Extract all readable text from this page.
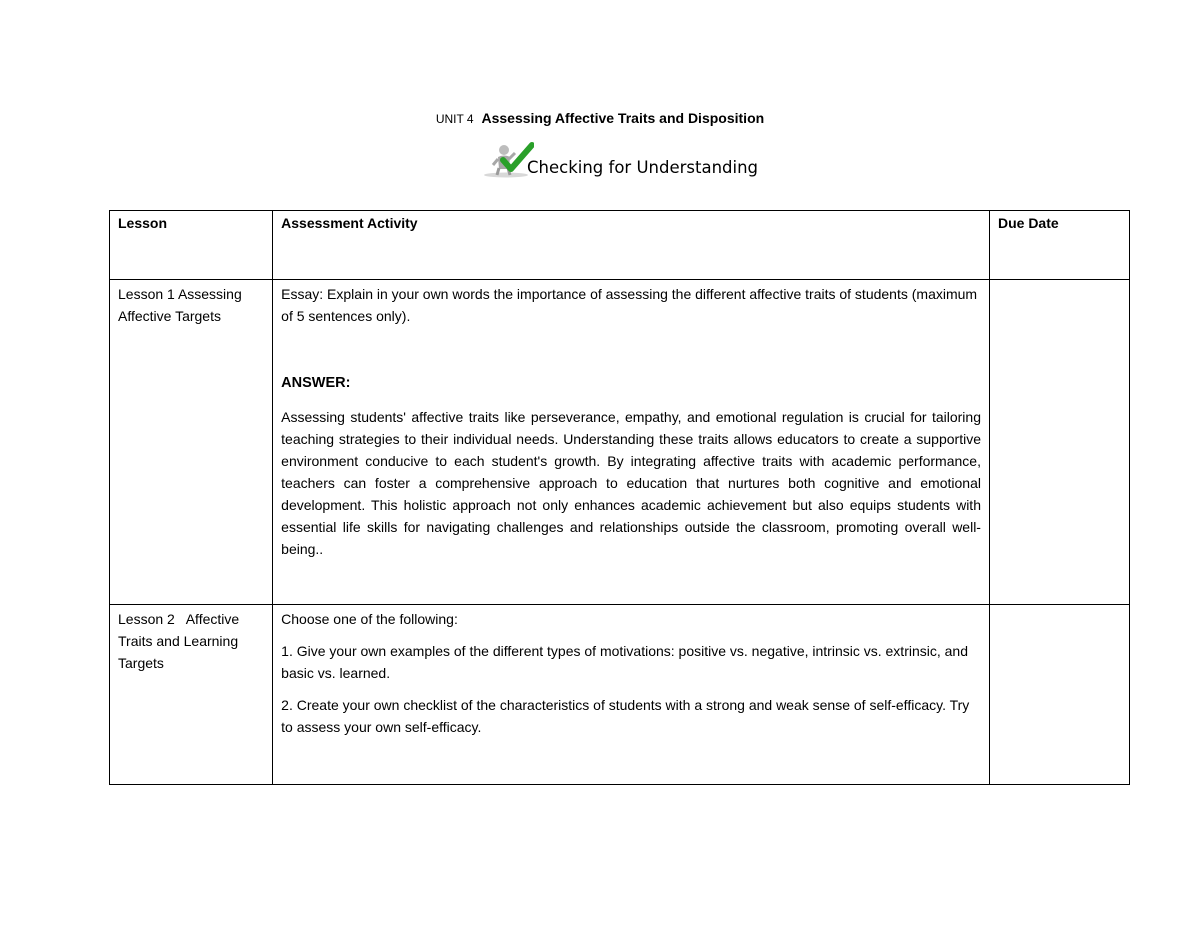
UNIT 4 Assessing Affective Traits and Disposition
Checking for Understanding
Lesson	Assessment Activity	Due Date
Lesson 1 Assessing Affective Targets	Essay: Explain in your own words the importance of assessing the different affective traits of students (maximum of 5 sentences only).

ANSWER:

Assessing students' affective traits like perseverance, empathy, and emotional regulation is crucial for tailoring teaching strategies to their individual needs. Understanding these traits allows educators to create a supportive environment conducive to each student's growth. By integrating affective traits with academic performance, teachers can foster a comprehensive approach to education that nurtures both cognitive and emotional development. This holistic approach not only enhances academic achievement but also equips students with essential life skills for navigating challenges and relationships outside the classroom, promoting overall well-being..	

Lesson 2   Affective Traits and Learning Targets	Choose one of the following:

1. Give your own examples of the different types of motivations: positive vs. negative, intrinsic vs. extrinsic, and basic vs. learned.

2. Create your own checklist of the characteristics of students with a strong and weak sense of self-efficacy. Try to assess your own self-efficacy.	
